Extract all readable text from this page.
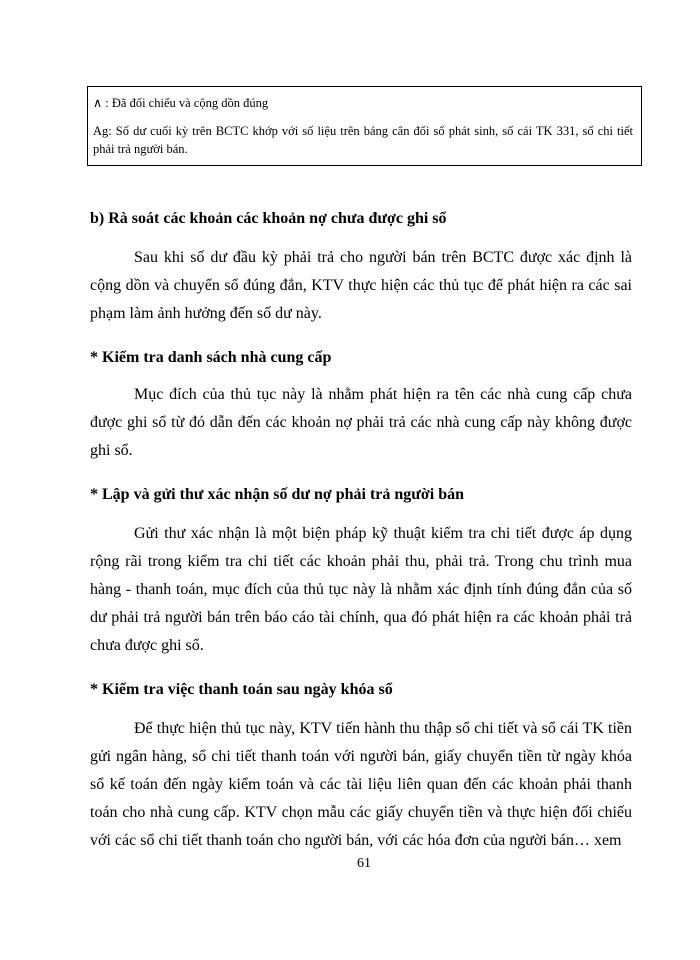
∧ : Đã đối chiếu và cộng dồn đúng

Ag: Số dư cuối kỳ trên BCTC khớp với số liệu trên bảng cân đối số phát sinh, sổ cái TK 331, sổ chi tiết phải trả người bán.

b) Rà soát các khoản các khoản nợ chưa được ghi sổ

Sau khi số dư đầu kỳ phải trả cho người bán trên BCTC được xác định là cộng dồn và chuyển sổ đúng đắn, KTV thực hiện các thủ tục để phát hiện ra các sai phạm làm ảnh hưởng đến số dư này.

* Kiểm tra danh sách nhà cung cấp

Mục đích của thủ tục này là nhằm phát hiện ra tên các nhà cung cấp chưa được ghi sổ từ đó dẫn đến các khoản nợ phải trả các nhà cung cấp này không được ghi sổ.

* Lập và gửi thư xác nhận số dư nợ phải trả người bán

Gửi thư xác nhận là một biện pháp kỹ thuật kiểm tra chi tiết được áp dụng rộng rãi trong kiểm tra chi tiết các khoản phải thu, phải trả. Trong chu trình mua hàng - thanh toán, mục đích của thủ tục này là nhằm xác định tính đúng đắn của số dư phải trả người bán trên báo cáo tài chính, qua đó phát hiện ra các khoản phải trả chưa được ghi sổ.

* Kiểm tra việc thanh toán sau ngày khóa sổ

Để thực hiện thủ tục này, KTV tiến hành thu thập sổ chi tiết và sổ cái TK tiền gửi ngân hàng, sổ chi tiết thanh toán với người bán, giấy chuyển tiền từ ngày khóa sổ kế toán đến ngày kiểm toán và các tài liệu liên quan đến các khoản phải thanh toán cho nhà cung cấp. KTV chọn mẫu các giấy chuyển tiền và thực hiện đối chiếu với các sổ chi tiết thanh toán cho người bán, với các hóa đơn của người bán… xem

61
